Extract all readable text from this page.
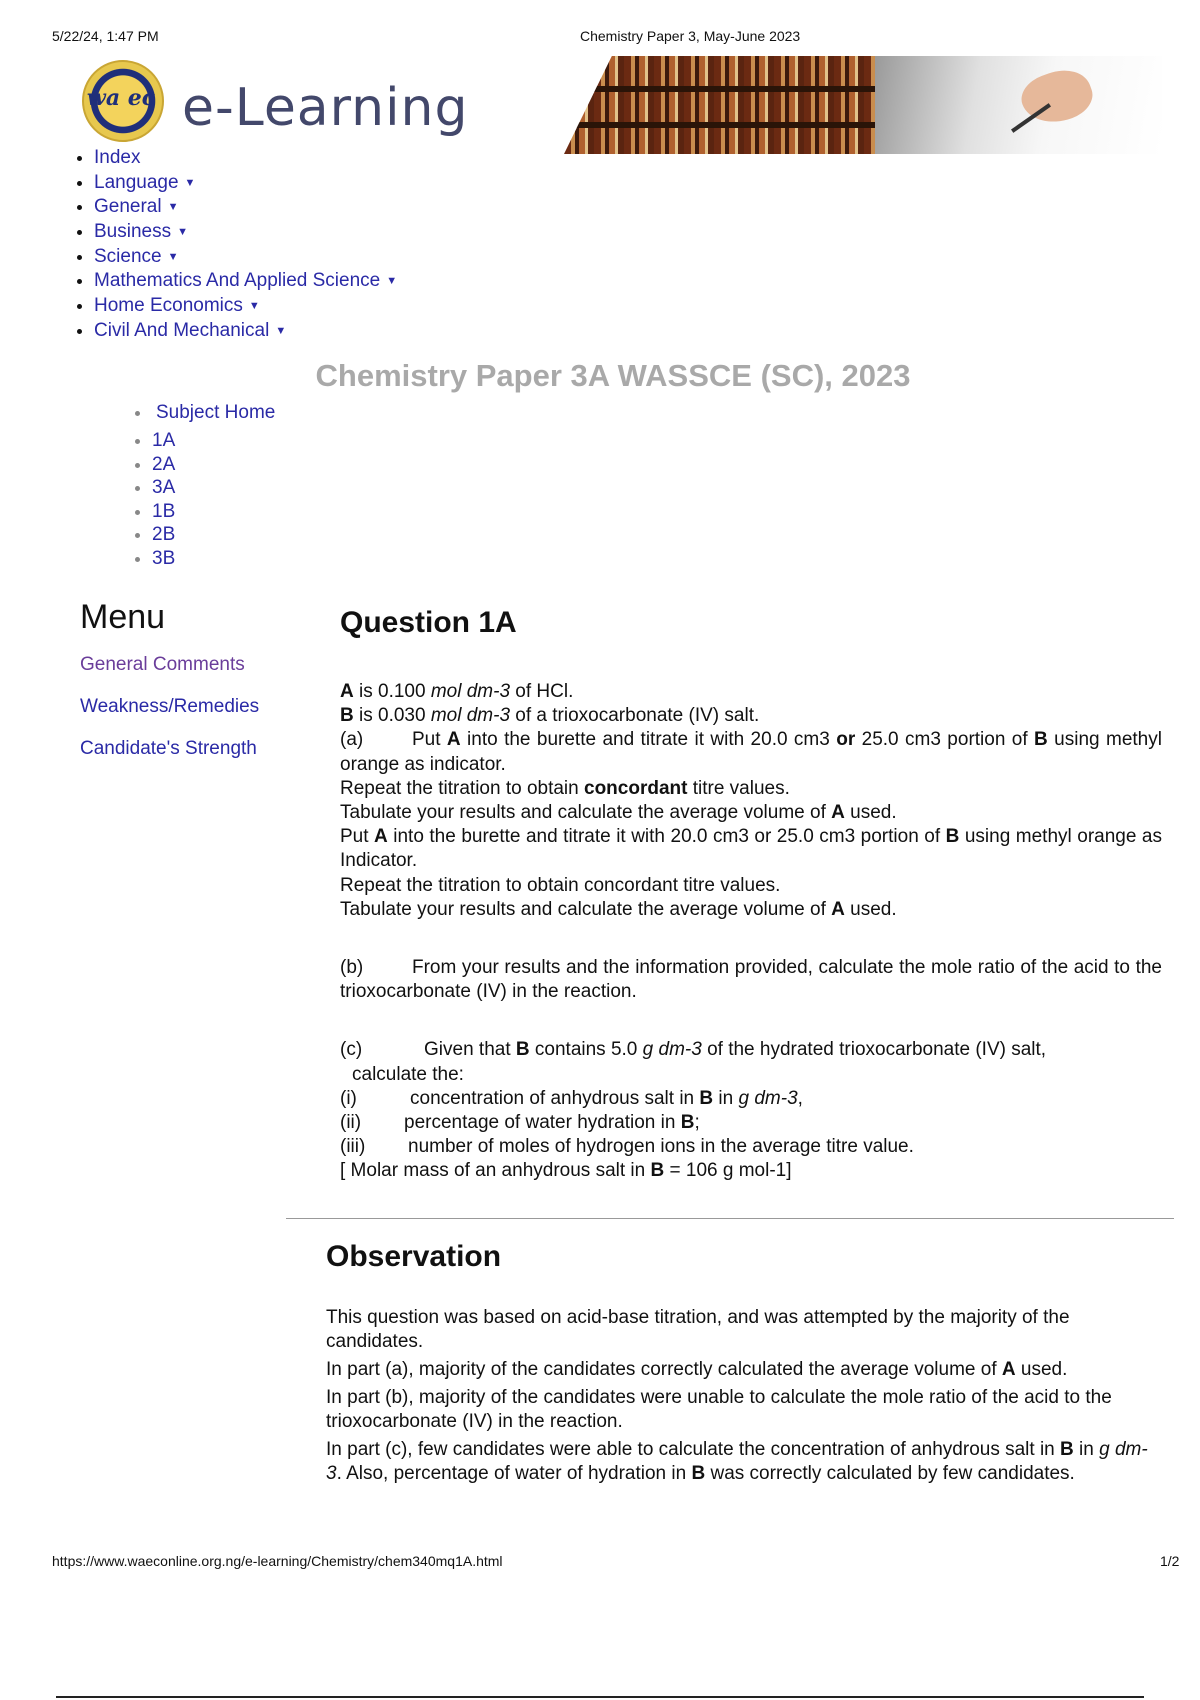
5/22/24, 1:47 PM	Chemistry Paper 3, May-June 2023
wa ec e-Learning
• Index
• Language ▼
• General ▼
• Business ▼
• Science ▼
• Mathematics And Applied Science ▼
• Home Economics ▼
• Civil And Mechanical ▼
Chemistry Paper 3A WASSCE (SC), 2023
• Subject Home
• 1A
• 2A
• 3A
• 1B
• 2B
• 3B
Menu
General Comments
Weakness/Remedies
Candidate's Strength
Question 1A

A is 0.100 mol dm-3 of HCl.

B is 0.030 mol dm-3 of a trioxocarbonate (IV) salt.

(a)	Put A into the burette and titrate it with 20.0 cm3 or 25.0 cm3 portion of B using methyl orange as indicator.

Repeat the titration to obtain concordant titre values.

Tabulate your results and calculate the average volume of A used.

Put A into the burette and titrate it with 20.0 cm3 or 25.0 cm3 portion of B using methyl orange as Indicator.

Repeat the titration to obtain concordant titre values.

Tabulate your results and calculate the average volume of A used.

(b)	From your results and the information provided, calculate the mole ratio of the acid to the trioxocarbonate (IV) in the reaction.

(c)	Given that B contains 5.0 g dm-3 of the hydrated trioxocarbonate (IV) salt,

calculate the:

(i)	concentration of anhydrous salt in B in g dm-3,

(ii) percentage of water hydration in B;

(iii) number of moles of hydrogen ions in the average titre value.

[ Molar mass of an anhydrous salt in B = 106 g mol-1]

Observation

This question was based on acid-base titration, and was attempted by the majority of the candidates.

In part (a), majority of the candidates correctly calculated the average volume of A used.

In part (b), majority of the candidates were unable to calculate the mole ratio of the acid to the trioxocarbonate (IV) in the reaction.

In part (c), few candidates were able to calculate the concentration of anhydrous salt in B in g dm-3. Also, percentage of water of hydration in B was correctly calculated by few candidates.

https://www.waeconline.org.ng/e-learning/Chemistry/chem340mq1A.html	1/2
